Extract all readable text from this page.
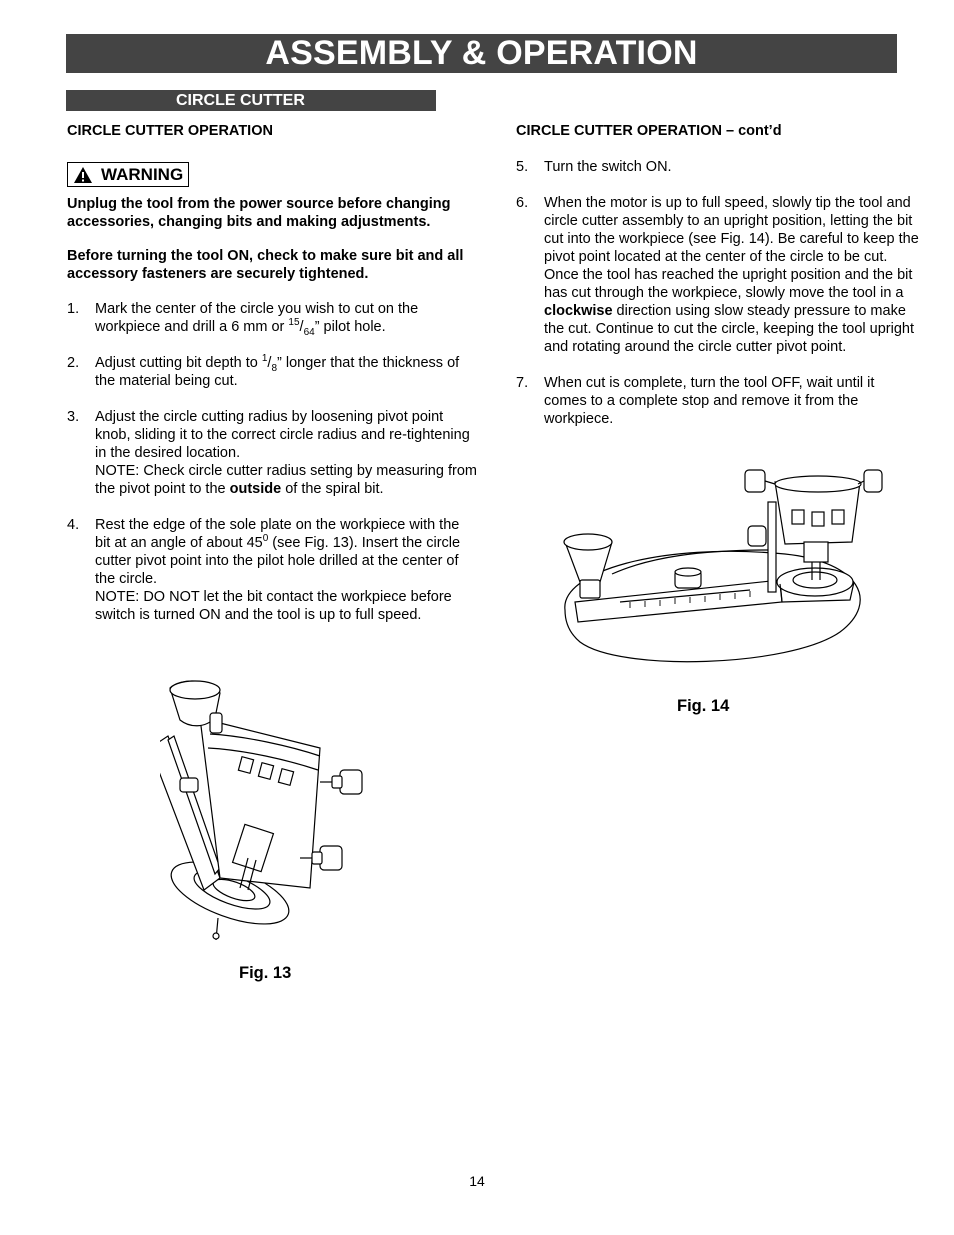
ASSEMBLY & OPERATION
CIRCLE CUTTER

CIRCLE CUTTER OPERATION

WARNING

Unplug the tool from the power source before changing accessories, changing bits and making adjustments.

Before turning the tool ON, check to make sure bit and all accessory fasteners are securely tightened.

1. Mark the center of the circle you wish to cut on the workpiece and drill a 6 mm or $^{15}/_{64}$” pilot hole.
2. Adjust cutting bit depth to $^1/_8$” longer that the thickness of the material being cut.
3. Adjust the circle cutting radius by loosening pivot point knob, sliding it to the correct circle radius and re-tightening in the desired location.
NOTE: Check circle cutter radius setting by measuring from the pivot point to the outside of the spiral bit.
4. Rest the edge of the sole plate on the workpiece with the bit at an angle of about $45^0$ (see Fig. 13). Insert the circle cutter pivot point into the pilot hole drilled at the center of the circle.
NOTE: DO NOT let the bit contact the workpiece before switch is turned ON and the tool is up to full speed.

CIRCLE CUTTER OPERATION – cont’d

5. Turn the switch ON.
6. When the motor is up to full speed, slowly tip the tool and circle cutter assembly to an upright position, letting the bit cut into the workpiece (see Fig. 14). Be careful to keep the pivot point located at the center of the circle to be cut. Once the tool has reached the upright position and the bit has cut through the workpiece, slowly move the tool in a clockwise direction using slow steady pressure to make the cut. Continue to cut the circle, keeping the tool upright and rotating around the circle cutter pivot point.
7. When cut is complete, turn the tool OFF, wait until it comes to a complete stop and remove it from the workpiece.
Fig. 13
Fig. 14
14
